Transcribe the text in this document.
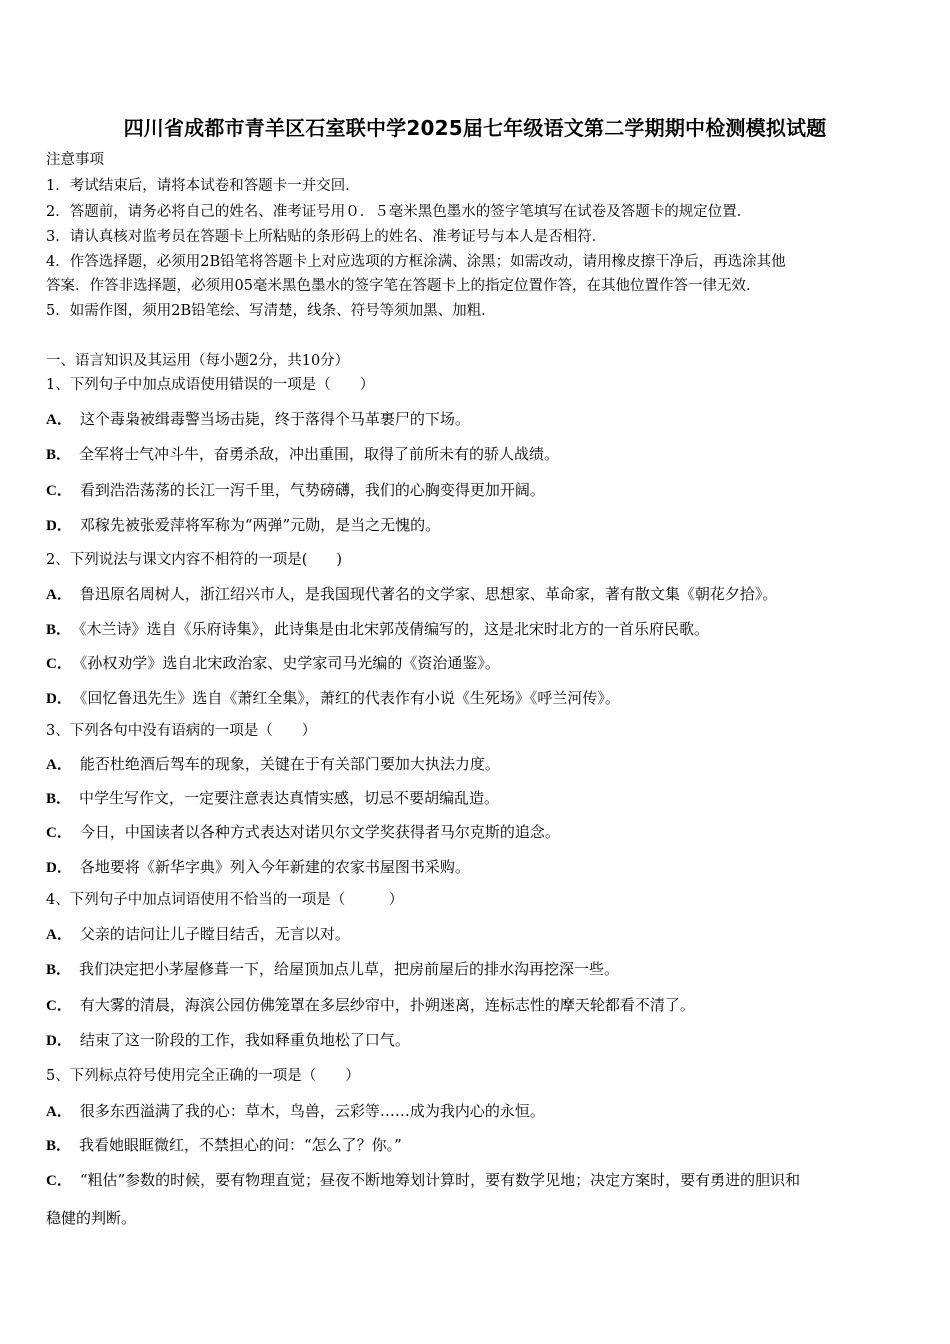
四川省成都市青羊区石室联中学2025届七年级语文第二学期期中检测模拟试题
注意事项
1．考试结束后，请将本试卷和答题卡一并交回．
2．答题前，请务必将自己的姓名、准考证号用０．５毫米黑色墨水的签字笔填写在试卷及答题卡的规定位置．
3．请认真核对监考员在答题卡上所粘贴的条形码上的姓名、准考证号与本人是否相符．
4．作答选择题，必须用2B铅笔将答题卡上对应选项的方框涂满、涂黑；如需改动，请用橡皮擦干净后，再选涂其他
答案．作答非选择题，必须用05毫米黑色墨水的签字笔在答题卡上的指定位置作答，在其他位置作答一律无效．
5．如需作图，须用2B铅笔绘、写清楚，线条、符号等须加黑、加粗．
一、语言知识及其运用（每小题2分，共10分）
1、下列句子中加点成语使用错误的一项是（　　）
A． 这个毒枭被缉毒警当场击毙，终于落得个马革裹尸的下场。
B． 全军将士气冲斗牛，奋勇杀敌，冲出重围，取得了前所未有的骄人战绩。
C． 看到浩浩荡荡的长江一泻千里，气势磅礴，我们的心胸变得更加开阔。
D． 邓稼先被张爱萍将军称为“两弹”元勋，是当之无愧的。
2、下列说法与课文内容不相符的一项是(　　)
A． 鲁迅原名周树人，浙江绍兴市人，是我国现代著名的文学家、思想家、革命家，著有散文集《朝花夕拾》。
B． 《木兰诗》选自《乐府诗集》，此诗集是由北宋郭茂倩编写的，这是北宋时北方的一首乐府民歌。
C． 《孙权劝学》选自北宋政治家、史学家司马光编的《资治通鉴》。
D． 《回忆鲁迅先生》选自《萧红全集》，萧红的代表作有小说《生死场》《呼兰河传》。
3、下列各句中没有语病的一项是（　　）
A． 能否杜绝酒后驾车的现象，关键在于有关部门要加大执法力度。
B． 中学生写作文，一定要注意表达真情实感，切忌不要胡编乱造。
C． 今日，中国读者以各种方式表达对诺贝尔文学奖获得者马尔克斯的追念。
D． 各地要将《新华字典》列入今年新建的农家书屋图书采购。
4、下列句子中加点词语使用不恰当的一项是（　　　）
A． 父亲的诘问让儿子瞠目结舌，无言以对。
B． 我们决定把小茅屋修葺一下，给屋顶加点儿草，把房前屋后的排水沟再挖深一些。
C． 有大雾的清晨，海滨公园仿佛笼罩在多层纱帘中，扑朔迷离，连标志性的摩天轮都看不清了。
D． 结束了这一阶段的工作，我如释重负地松了口气。
5、下列标点符号使用完全正确的一项是（　　）
A． 很多东西溢满了我的心：草木，鸟兽，云彩等……成为我内心的永恒。
B． 我看她眼眶微红，不禁担心的问：“怎么了？你。”
C． “粗估”参数的时候，要有物理直觉；昼夜不断地筹划计算时，要有数学见地；决定方案时，要有勇进的胆识和
稳健的判断。
